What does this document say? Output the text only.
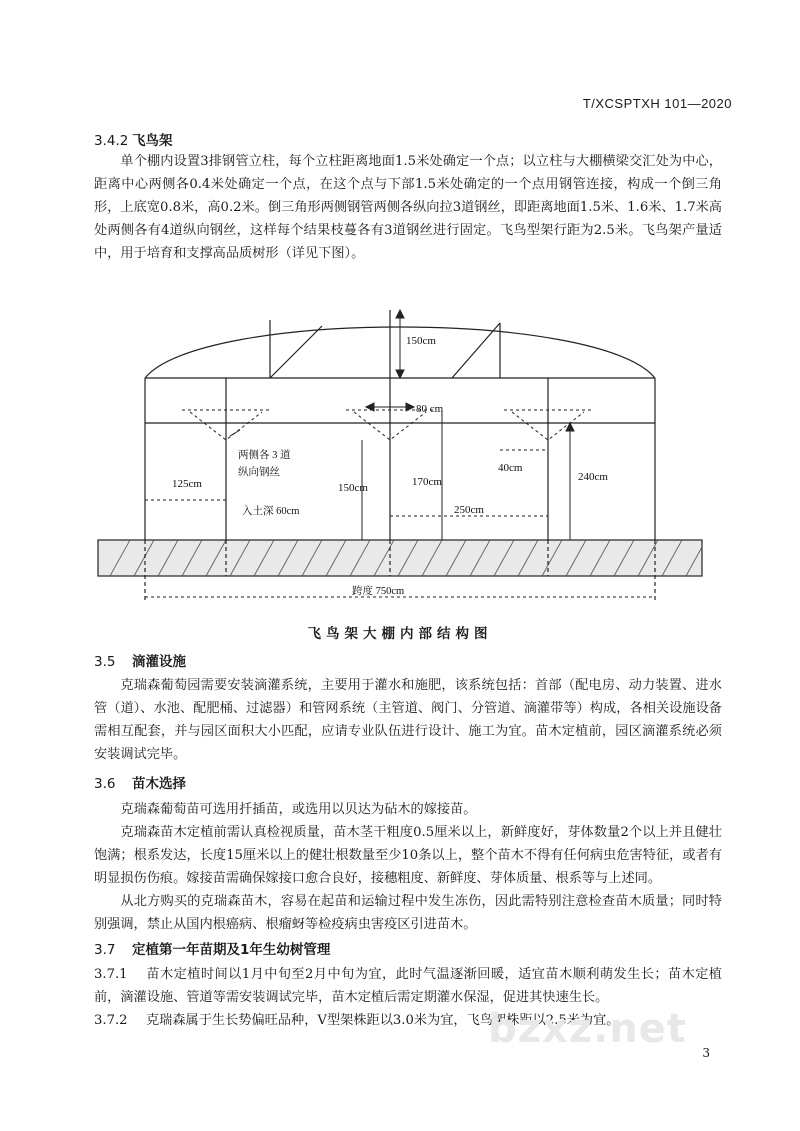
T/XCSPTXH 101—2020
3.4.2 飞鸟架
单个棚内设置3排钢管立柱，每个立柱距离地面1.5米处确定一个点；以立柱与大棚横梁交汇处为中心，距离中心两侧各0.4米处确定一个点，在这个点与下部1.5米处确定的一个点用钢管连接，构成一个倒三角形，上底宽0.8米，高0.2米。倒三角形两侧钢管两侧各纵向拉3道钢丝，即距离地面1.5米、1.6米、1.7米高处两侧各有4道纵向钢丝，这样每个结果枝蔓各有3道钢丝进行固定。飞鸟型架行距为2.5米。飞鸟架产量适中，用于培育和支撑高品质树形（详见下图）。
150cm
80 cm
两侧各 3 道
纵向钢丝
125cm
40cm
150cm	170cm	240cm
入土深 60cm	250cm
跨度 750cm
飞鸟架大棚内部结构图
3.5 滴灌设施
克瑞森葡萄园需要安装滴灌系统，主要用于灌水和施肥，该系统包括：首部（配电房、动力装置、进水管（道）、水池、配肥桶、过滤器）和管网系统（主管道、阀门、分管道、滴灌带等）构成，各相关设施设备需相互配套，并与园区面积大小匹配，应请专业队伍进行设计、施工为宜。苗木定植前，园区滴灌系统必须安装调试完毕。
3.6 苗木选择
克瑞森葡萄苗可选用扦插苗，或选用以贝达为砧木的嫁接苗。
克瑞森苗木定植前需认真检视质量，苗木茎干粗度0.5厘米以上，新鲜度好，芽体数量2个以上并且健壮饱满；根系发达，长度15厘米以上的健壮根数量至少10条以上，整个苗木不得有任何病虫危害特征，或者有明显损伤伤痕。嫁接苗需确保嫁接口愈合良好，接穗粗度、新鲜度、芽体质量、根系等与上述同。
从北方购买的克瑞森苗木，容易在起苗和运输过程中发生冻伤，因此需特别注意检查苗木质量；同时特别强调，禁止从国内根癌病、根瘤蚜等检疫病虫害疫区引进苗木。
3.7 定植第一年苗期及1年生幼树管理
3.7.1 苗木定植时间以1月中旬至2月中旬为宜，此时气温逐渐回暖，适宜苗木顺利萌发生长；苗木定植前，滴灌设施、管道等需安装调试完毕，苗木定植后需定期灌水保湿，促进其快速生长。
3.7.2 克瑞森属于生长势偏旺品种，V型架株距以3.0米为宜，飞鸟架株距以2.5米为宜。
bzxz.net
3
